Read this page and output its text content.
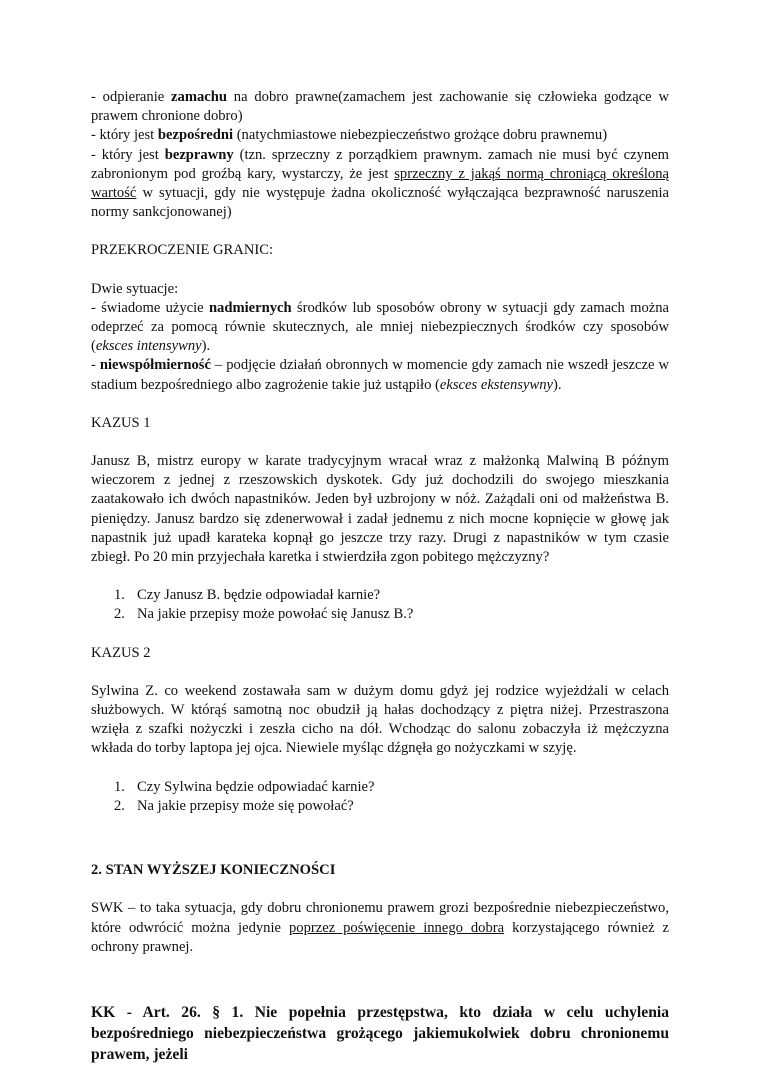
- odpieranie zamachu na dobro prawne(zamachem jest zachowanie się człowieka godzące w prawem chronione dobro)
- który jest bezpośredni (natychmiastowe niebezpieczeństwo grożące dobru prawnemu)
- który jest bezprawny (tzn. sprzeczny z porządkiem prawnym. zamach nie musi być czynem zabronionym pod groźbą kary, wystarczy, że jest sprzeczny z jakąś normą chroniącą określoną wartość w sytuacji, gdy nie występuje żadna okoliczność wyłączająca bezprawność naruszenia normy sankcjonowanej)

PRZEKROCZENIE GRANIC:

Dwie sytuacje:
- świadome użycie nadmiernych środków lub sposobów obrony w sytuacji gdy zamach można odeprzeć za pomocą równie skutecznych, ale mniej niebezpiecznych środków czy sposobów (eksces intensywny).
- niewspółmierność – podjęcie działań obronnych w momencie gdy zamach nie wszedł jeszcze w stadium bezpośredniego albo zagrożenie takie już ustąpiło (eksces ekstensywny).

KAZUS 1

Janusz B, mistrz europy w karate tradycyjnym wracał wraz z małżonką Malwiną B późnym wieczorem z jednej z rzeszowskich dyskotek. Gdy już dochodzili do swojego mieszkania zaatakowało ich dwóch napastników. Jeden był uzbrojony w nóż. Zażądali oni od małżeństwa B. pieniędzy. Janusz bardzo się zdenerwował i zadał jednemu z nich mocne kopnięcie w głowę jak napastnik już upadł karateka kopnął go jeszcze trzy razy. Drugi z napastników w tym czasie zbiegł. Po 20 min przyjechała karetka i stwierdziła zgon pobitego mężczyzny?

1. Czy Janusz B. będzie odpowiadał karnie?
2. Na jakie przepisy może powołać się Janusz B.?

KAZUS 2

Sylwina Z. co weekend zostawała sam w dużym domu gdyż jej rodzice wyjeżdżali w celach służbowych. W którąś samotną noc obudził ją hałas dochodzący z piętra niżej. Przestraszona wzięła z szafki nożyczki i zeszła cicho na dół. Wchodząc do salonu zobaczyła iż mężczyzna wkłada do torby laptopa jej ojca. Niewiele myśląc dźgnęła go nożyczkami w szyję.

1. Czy Sylwina będzie odpowiadać karnie?
2. Na jakie przepisy może się powołać?

2. STAN WYŻSZEJ KONIECZNOŚCI

SWK – to taka sytuacja, gdy dobru chronionemu prawem grozi bezpośrednie niebezpieczeństwo, które odwrócić można jedynie poprzez poświęcenie innego dobra korzystającego również z ochrony prawnej.

KK - Art. 26. § 1. Nie popełnia przestępstwa, kto działa w celu uchylenia bezpośredniego niebezpieczeństwa grożącego jakiemukolwiek dobru chronionemu prawem, jeżeli
